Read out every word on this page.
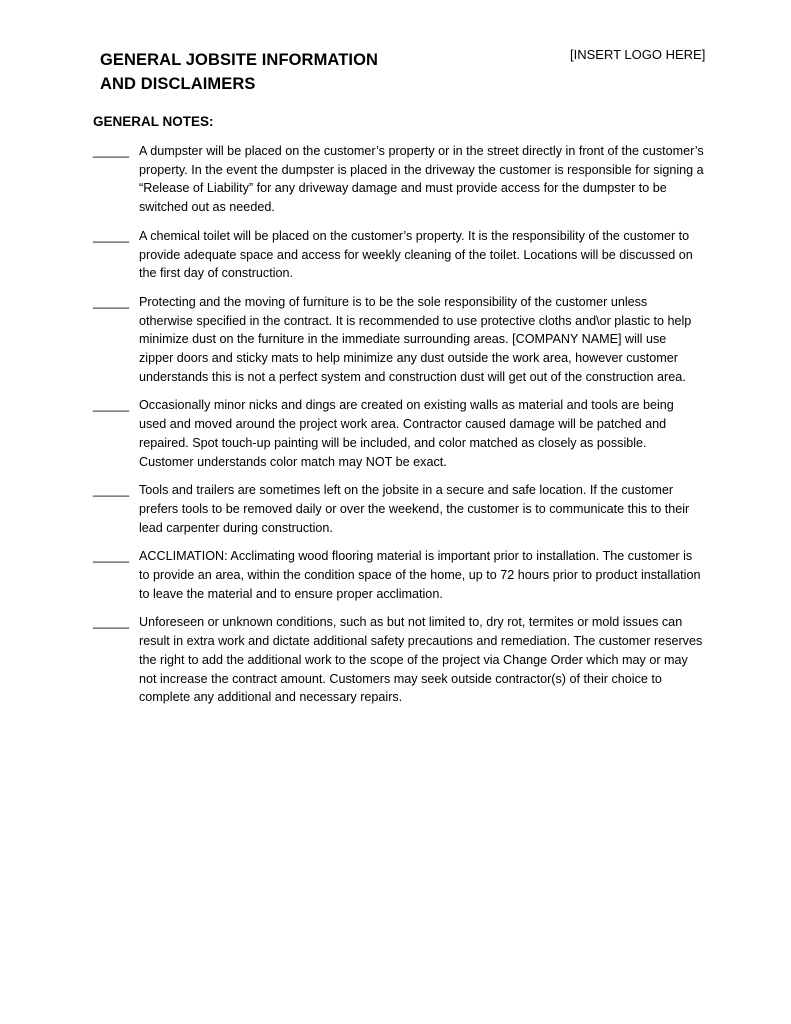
GENERAL JOBSITE INFORMATION
AND DISCLAIMERS
[INSERT LOGO HERE]
GENERAL NOTES:
_____ A dumpster will be placed on the customer’s property or in the street directly in front of the customer’s property. In the event the dumpster is placed in the driveway the customer is responsible for signing a “Release of Liability” for any driveway damage and must provide access for the dumpster to be switched out as needed.
_____ A chemical toilet will be placed on the customer’s property. It is the responsibility of the customer to provide adequate space and access for weekly cleaning of the toilet. Locations will be discussed on the first day of construction.
_____ Protecting and the moving of furniture is to be the sole responsibility of the customer unless otherwise specified in the contract. It is recommended to use protective cloths and\or plastic to help minimize dust on the furniture in the immediate surrounding areas. [COMPANY NAME] will use zipper doors and sticky mats to help minimize any dust outside the work area, however customer understands this is not a perfect system and construction dust will get out of the construction area.
_____ Occasionally minor nicks and dings are created on existing walls as material and tools are being used and moved around the project work area. Contractor caused damage will be patched and repaired. Spot touch-up painting will be included, and color matched as closely as possible. Customer understands color match may NOT be exact.
_____ Tools and trailers are sometimes left on the jobsite in a secure and safe location. If the customer prefers tools to be removed daily or over the weekend, the customer is to communicate this to their lead carpenter during construction.
_____ ACCLIMATION: Acclimating wood flooring material is important prior to installation. The customer is to provide an area, within the condition space of the home, up to 72 hours prior to product installation to leave the material and to ensure proper acclimation.
_____ Unforeseen or unknown conditions, such as but not limited to, dry rot, termites or mold issues can result in extra work and dictate additional safety precautions and remediation. The customer reserves the right to add the additional work to the scope of the project via Change Order which may or may not increase the contract amount. Customers may seek outside contractor(s) of their choice to complete any additional and necessary repairs.
